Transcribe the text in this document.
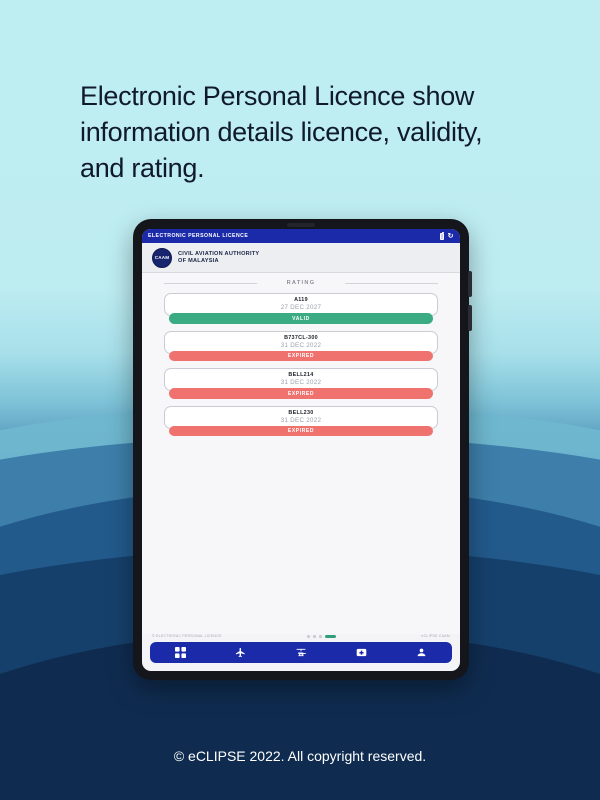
Electronic Personal Licence show information details licence, validity, and rating.
ELECTRONIC PERSONAL LICENCE	↻
CAAM
CIVIL AVIATION AUTHORITY
OF MALAYSIA
RATING
A119
27 DEC 2027
VALID
B737CL-300
31 DEC 2022
EXPIRED
BELL214
31 DEC 2022
EXPIRED
BELL230
31 DEC 2022
EXPIRED
© ELECTRONIC PERSONAL LICENCE	eCLIPSE CAAM
© eCLIPSE 2022. All copyright reserved.
